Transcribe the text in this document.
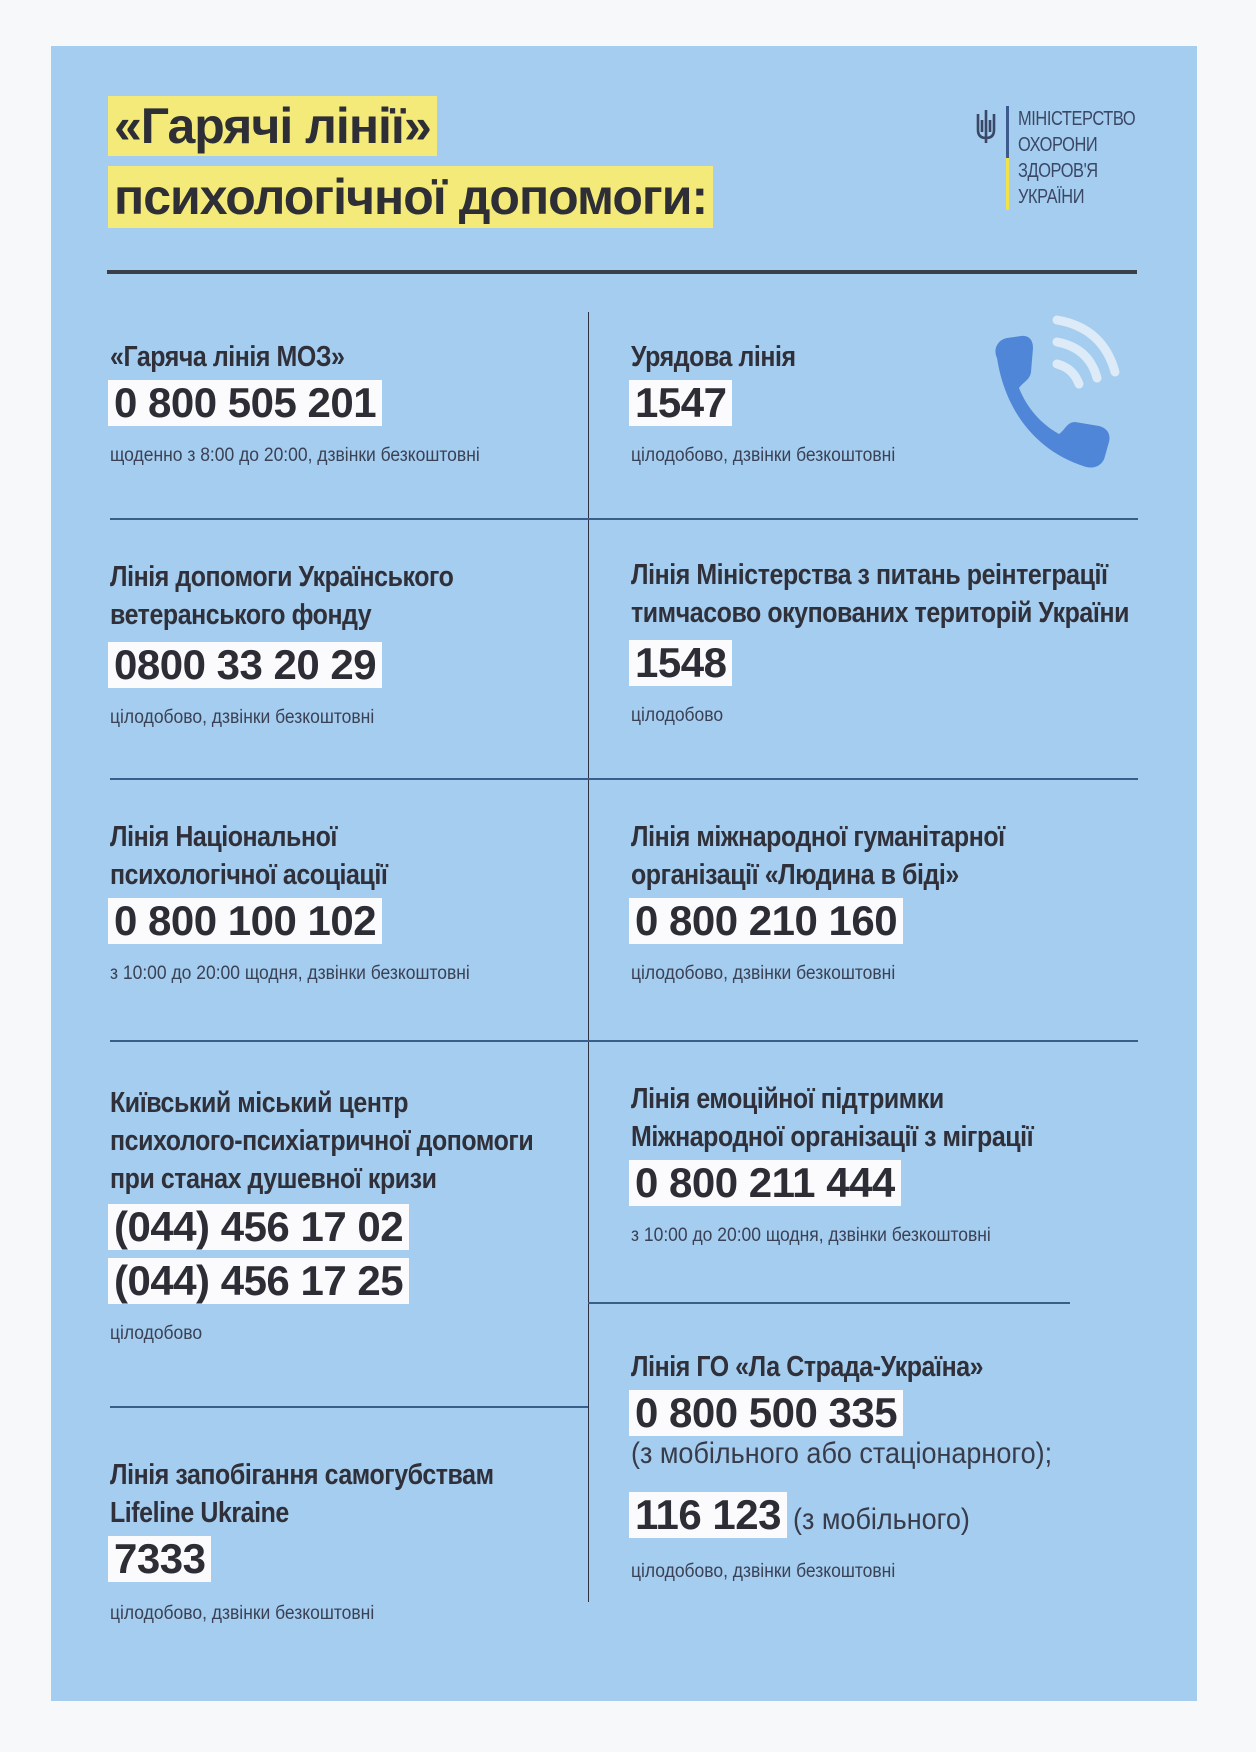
«Гарячі лінії»
психологічної допомоги:
МІНІСТЕРСТВО
ОХОРОНИ
ЗДОРОВ'Я
УКРАЇНИ
«Гаряча лінія МОЗ»
0 800 505 201
щоденно з 8:00 до 20:00, дзвінки безкоштовні
Урядова лінія
1547
цілодобово, дзвінки безкоштовні
Лінія допомоги Українського
ветеранського фонду
0800 33 20 29
цілодобово, дзвінки безкоштовні
Лінія Міністерства з питань реінтеграції
тимчасово окупованих територій України
1548
цілодобово
Лінія Національної
психологічної асоціації
0 800 100 102
з 10:00 до 20:00 щодня, дзвінки безкоштовні
Лінія міжнародної гуманітарної
організації «Людина в біді»
0 800 210 160
цілодобово, дзвінки безкоштовні
Київський міський центр
психолого-психіатричної допомоги
при станах душевної кризи
(044) 456 17 02
(044) 456 17 25
цілодобово
Лінія емоційної підтримки
Міжнародної організації з міграції
0 800 211 444
з 10:00 до 20:00 щодня, дзвінки безкоштовні
Лінія запобігання самогубствам
Lifeline Ukraine
7333
цілодобово, дзвінки безкоштовні
Лінія ГО «Ла Страда-Україна»
0 800 500 335
(з мобільного або стаціонарного);
116 123 (з мобільного)
цілодобово, дзвінки безкоштовні
